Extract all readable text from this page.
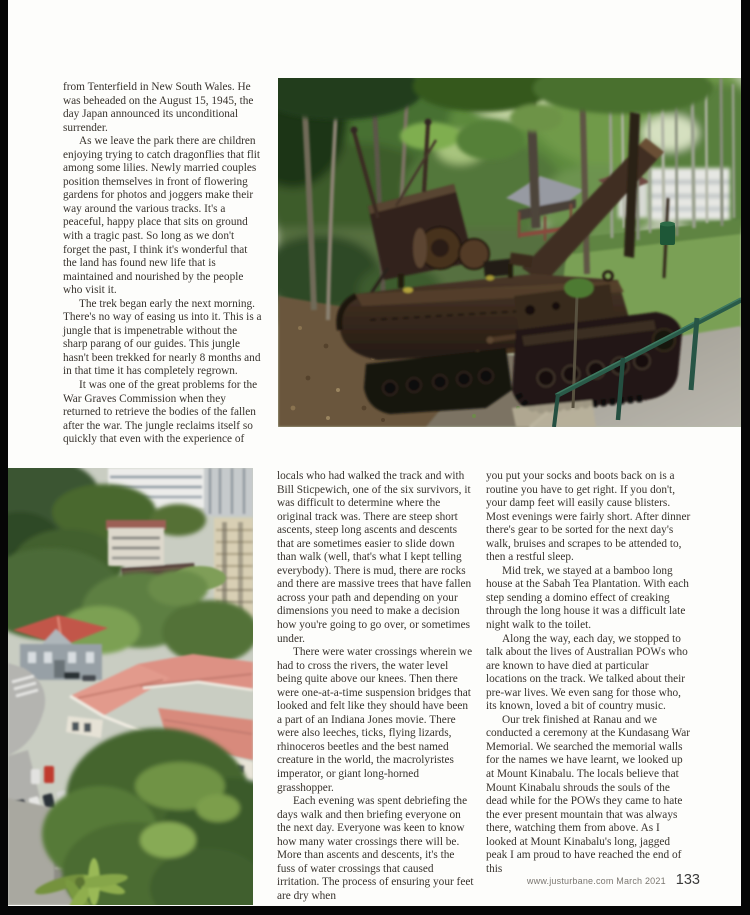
from Tenterfield in New South Wales. He was beheaded on the August 15, 1945, the day Japan announced its unconditional surrender.

As we leave the park there are children enjoying trying to catch dragonflies that flit among some lilies. Newly married couples position themselves in front of flowering gardens for photos and joggers make their way around the various tracks. It's a peaceful, happy place that sits on ground with a tragic past. So long as we don't forget the past, I think it's wonderful that the land has found new life that is maintained and nourished by the people who visit it.

The trek began early the next morning. There's no way of easing us into it. This is a jungle that is impenetrable without the sharp parang of our guides. This jungle hasn't been trekked for nearly 8 months and in that time it has completely regrown.

It was one of the great problems for the War Graves Commission when they returned to retrieve the bodies of the fallen after the war. The jungle reclaims itself so quickly that even with the experience of

locals who had walked the track and with Bill Sticpewich, one of the six survivors, it was difficult to determine where the original track was. There are steep short ascents, steep long ascents and descents that are sometimes easier to slide down than walk (well, that's what I kept telling everybody). There is mud, there are rocks and there are massive trees that have fallen across your path and depending on your dimensions you need to make a decision how you're going to go over, or sometimes under.

There were water crossings wherein we had to cross the rivers, the water level being quite above our knees. Then there were one-at-a-time suspension bridges that looked and felt like they should have been a part of an Indiana Jones movie. There were also leeches, ticks, flying lizards, rhinoceros beetles and the best named creature in the world, the macrolyristes imperator, or giant long-horned grasshopper.

Each evening was spent debriefing the days walk and then briefing everyone on the next day. Everyone was keen to know how many water crossings there will be. More than ascents and descents, it's the fuss of water crossings that caused irritation. The process of ensuring your feet are dry when

you put your socks and boots back on is a routine you have to get right. If you don't, your damp feet will easily cause blisters. Most evenings were fairly short. After dinner there's gear to be sorted for the next day's walk, bruises and scrapes to be attended to, then a restful sleep.

Mid trek, we stayed at a bamboo long house at the Sabah Tea Plantation. With each step sending a domino effect of creaking through the long house it was a difficult late night walk to the toilet.

Along the way, each day, we stopped to talk about the lives of Australian POWs who are known to have died at particular locations on the track. We talked about their pre-war lives. We even sang for those who, its known, loved a bit of country music.

Our trek finished at Ranau and we conducted a ceremony at the Kundasang War Memorial. We searched the memorial walls for the names we have learnt, we looked up at Mount Kinabalu. The locals believe that Mount Kinabalu shrouds the souls of the dead while for the POWs they came to hate the ever present mountain that was always there, watching them from above. As I looked at Mount Kinabalu's long, jagged peak I am proud to have reached the end of this

www.justurbane.com March 2021 133
